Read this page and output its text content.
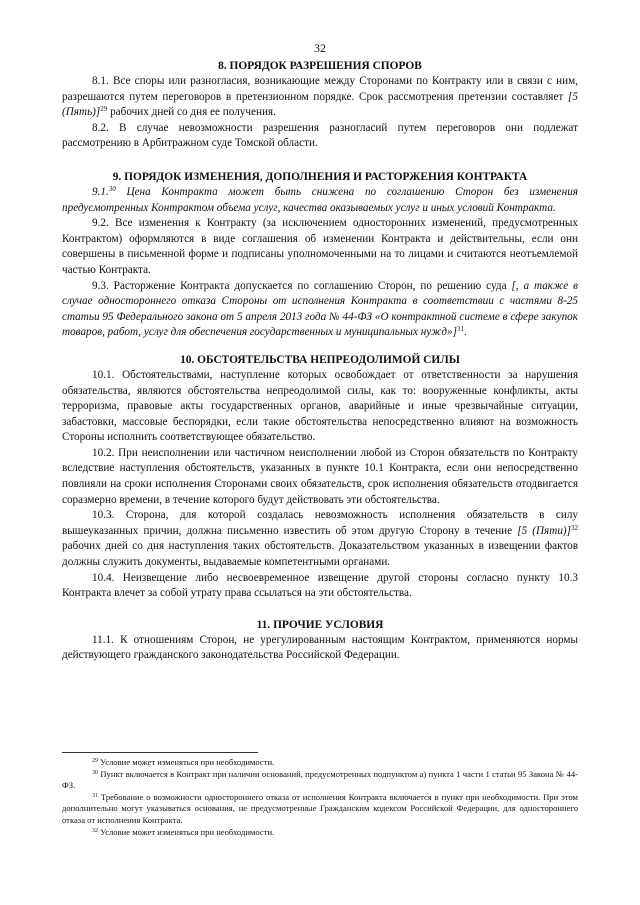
32
8. ПОРЯДОК РАЗРЕШЕНИЯ СПОРОВ

8.1. Все споры или разногласия, возникающие между Сторонами по Контракту или в связи с ним, разрешаются путем переговоров в претензионном порядке. Срок рассмотрения претензии составляет [5 (Пять)]$^{29}$ рабочих дней со дня ее получения.

8.2. В случае невозможности разрешения разногласий путем переговоров они подлежат рассмотрению в Арбитражном суде Томской области.

9. ПОРЯДОК ИЗМЕНЕНИЯ, ДОПОЛНЕНИЯ И РАСТОРЖЕНИЯ КОНТРАКТА

9.1.30 Цена Контракта может быть снижена по соглашению Сторон без изменения предусмотренных Контрактом объема услуг, качества оказываемых услуг и иных условий Контракта.

9.2. Все изменения к Контракту (за исключением односторонних изменений, предусмотренных Контрактом) оформляются в виде соглашения об изменении Контракта и действительны, если они совершены в письменной форме и подписаны уполномоченными на то лицами и считаются неотъемлемой частью Контракта.

9.3. Расторжение Контракта допускается по соглашению Сторон, по решению суда [, а также в случае одностороннего отказа Стороны от исполнения Контракта в соответствии с частями 8-25 статьи 95 Федерального закона от 5 апреля 2013 года № 44-ФЗ «О контрактной системе в сфере закупок товаров, работ, услуг для обеспечения государственных и муниципальных нужд»]$^{31}$.

10. ОБСТОЯТЕЛЬСТВА НЕПРЕОДОЛИМОЙ СИЛЫ

10.1. Обстоятельствами, наступление которых освобождает от ответственности за нарушения обязательства, являются обстоятельства непреодолимой силы, как то: вооруженные конфликты, акты терроризма, правовые акты государственных органов, аварийные и иные чрезвычайные ситуации, забастовки, массовые беспорядки, если такие обстоятельства непосредственно влияют на возможность Стороны исполнить соответствующее обязательство.

10.2. При неисполнении или частичном неисполнении любой из Сторон обязательств по Контракту вследствие наступления обстоятельств, указанных в пункте 10.1 Контракта, если они непосредственно повлияли на сроки исполнения Сторонами своих обязательств, срок исполнения обязательств отодвигается соразмерно времени, в течение которого будут действовать эти обстоятельства.

10.3. Сторона, для которой создалась невозможность исполнения обязательств в силу вышеуказанных причин, должна письменно известить об этом другую Сторону в течение [5 (Пяти)]$^{32}$ рабочих дней со дня наступления таких обстоятельств. Доказательством указанных в извещении фактов должны служить документы, выдаваемые компетентными органами.

10.4. Неизвещение либо несвоевременное извещение другой стороны согласно пункту 10.3 Контракта влечет за собой утрату права ссылаться на эти обстоятельства.

11. ПРОЧИЕ УСЛОВИЯ

11.1. К отношениям Сторон, не урегулированным настоящим Контрактом, применяются нормы действующего гражданского законодательства Российской Федерации.

$^{29}$ Условие может изменяться при необходимости.

$^{30}$ Пункт включается в Контракт при наличии оснований, предусмотренных подпунктом а) пункта 1 части 1 статьи 95 Закона № 44-ФЗ.

$^{31}$ Требование о возможности одностороннего отказа от исполнения Контракта включается в пункт при необходимости. При этом дополнительно могут указываться основания, не предусмотренные Гражданским кодексом Российской Федерации, для одностороннего отказа от исполнения Контракта.

$^{32}$ Условие может изменяться при необходимости.
